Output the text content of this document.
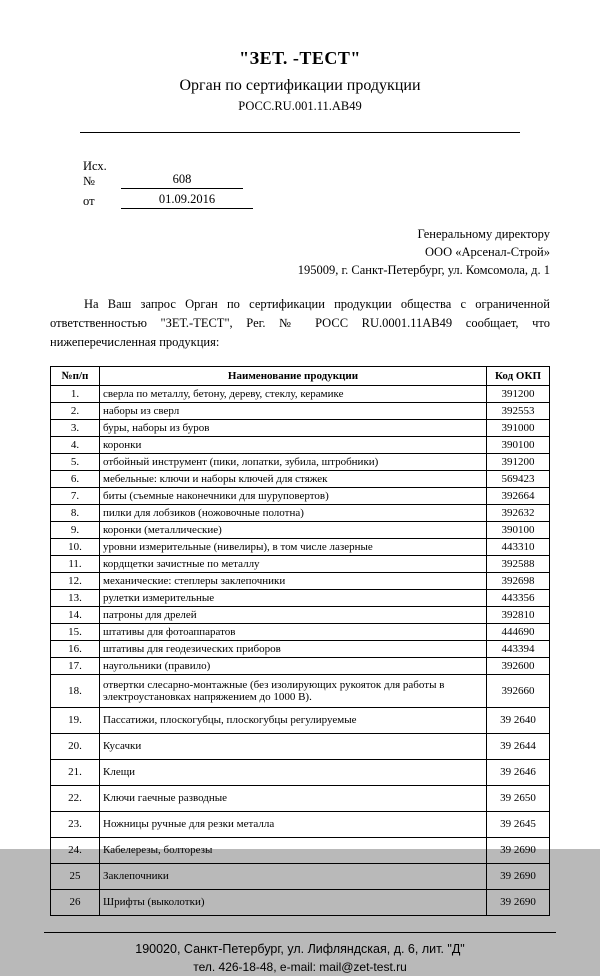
"ЗЕТ. -ТЕСТ"
Орган по сертификации продукции
РОСС.RU.001.11.АВ49
Исх. №	608
от	01.09.2016
Генеральному директору
ООО «Арсенал-Строй»
195009, г. Санкт-Петербург, ул. Комсомола, д. 1
На Ваш запрос Орган по сертификации продукции общества с ограниченной ответственностью "ЗЕТ.-ТЕСТ", Рег. № РОСС RU.0001.11АВ49 сообщает, что нижеперечисленная продукция:
№п/п	Наименование продукции	Код ОКП
1.	сверла по металлу, бетону, дереву, стеклу, керамике	391200
2.	наборы из сверл	392553
3.	буры, наборы из буров	391000
4.	коронки	390100
5.	отбойный инструмент (пики, лопатки, зубила, штробники)	391200
6.	мебельные: ключи и наборы ключей для стяжек	569423
7.	биты (съемные наконечники для шуруповертов)	392664
8.	пилки для лобзиков (ножовочные полотна)	392632
9.	коронки (металлические)	390100
10.	уровни измерительные (нивелиры), в том числе лазерные	443310
11.	кордщетки зачистные по металлу	392588
12.	механические: степлеры заклепочники	392698
13.	рулетки измерительные	443356
14.	патроны для дрелей	392810
15.	штативы для фотоаппаратов	444690
16.	штативы для геодезических приборов	443394
17.	наугольники (правило)	392600
18.	отвертки слесарно-монтажные (без изолирующих рукояток для работы в электроустановках напряжением до 1000 В).	392660
19.	Пассатижи, плоскогубцы, плоскогубцы регулируемые	39 2640
20.	Кусачки	39 2644
21.	Клещи	39 2646
22.	Ключи гаечные разводные	39 2650
23.	Ножницы ручные для резки металла	39 2645
24.	Кабелерезы, болторезы	39 2690
25	Заклепочники	39 2690
26	Шрифты (выколотки)	39 2690
190020, Санкт-Петербург, ул. Лифляндская, д. 6, лит. "Д"
тел. 426-18-48, e-mail: mail@zet-test.ru
